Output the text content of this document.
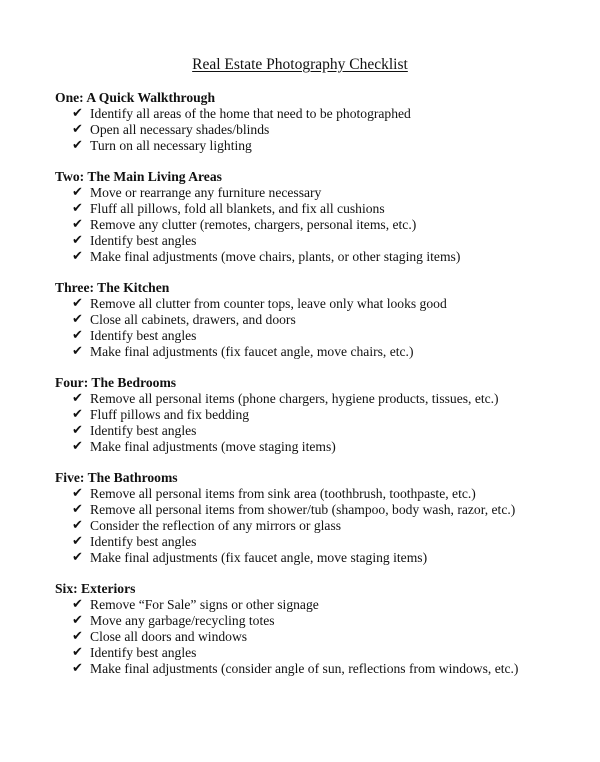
Real Estate Photography Checklist
One: A Quick Walkthrough
✔ Identify all areas of the home that need to be photographed
✔ Open all necessary shades/blinds
✔ Turn on all necessary lighting
Two: The Main Living Areas
✔ Move or rearrange any furniture necessary
✔ Fluff all pillows, fold all blankets, and fix all cushions
✔ Remove any clutter (remotes, chargers, personal items, etc.)
✔ Identify best angles
✔ Make final adjustments (move chairs, plants, or other staging items)
Three: The Kitchen
✔ Remove all clutter from counter tops, leave only what looks good
✔ Close all cabinets, drawers, and doors
✔ Identify best angles
✔ Make final adjustments (fix faucet angle, move chairs, etc.)
Four: The Bedrooms
✔ Remove all personal items (phone chargers, hygiene products, tissues, etc.)
✔ Fluff pillows and fix bedding
✔ Identify best angles
✔ Make final adjustments (move staging items)
Five: The Bathrooms
✔ Remove all personal items from sink area (toothbrush, toothpaste, etc.)
✔ Remove all personal items from shower/tub (shampoo, body wash, razor, etc.)
✔ Consider the reflection of any mirrors or glass
✔ Identify best angles
✔ Make final adjustments (fix faucet angle, move staging items)
Six: Exteriors
✔ Remove “For Sale” signs or other signage
✔ Move any garbage/recycling totes
✔ Close all doors and windows
✔ Identify best angles
✔ Make final adjustments (consider angle of sun, reflections from windows, etc.)
